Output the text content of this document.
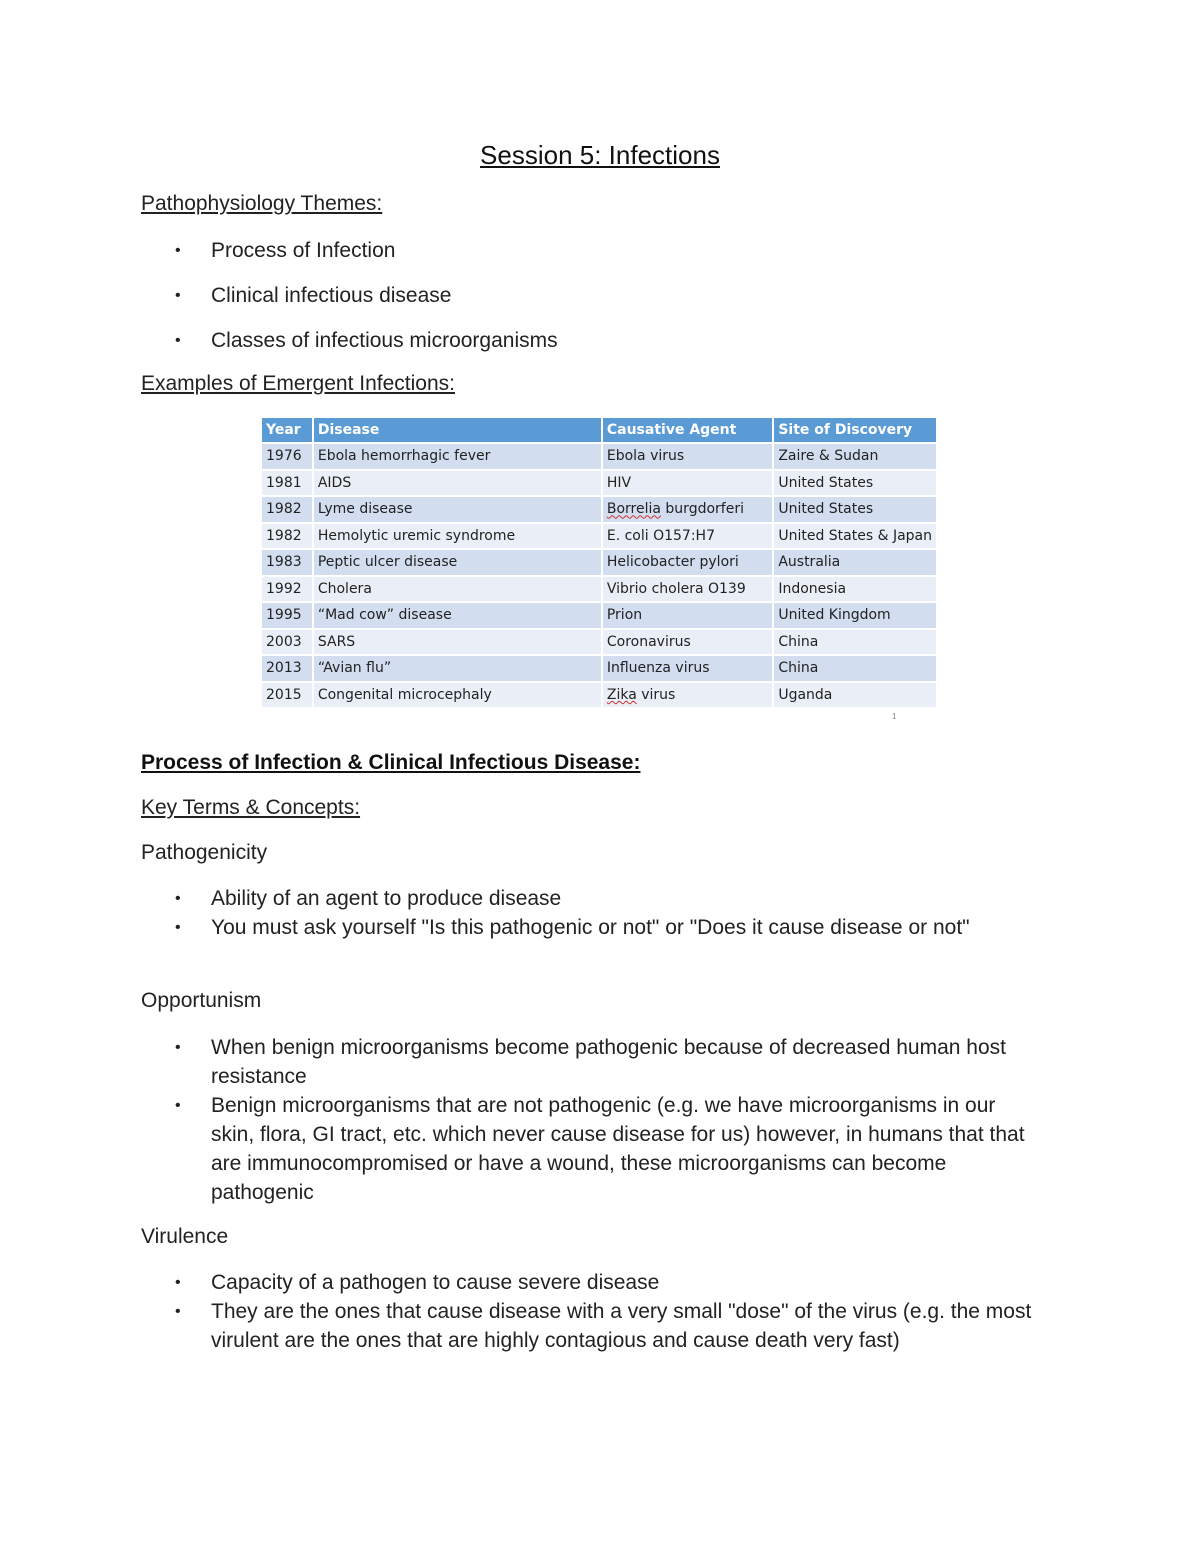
Session 5: Infections
Pathophysiology Themes:
• Process of Infection
• Clinical infectious disease
• Classes of infectious microorganisms
Examples of Emergent Infections:
Year	Disease	Causative Agent	Site of Discovery
1976	Ebola hemorrhagic fever	Ebola virus	Zaire & Sudan
1981	AIDS	HIV	United States
1982	Lyme disease	Borrelia burgdorferi	United States
1982	Hemolytic uremic syndrome	E. coli O157:H7	United States & Japan
1983	Peptic ulcer disease	Helicobacter pylori	Australia
1992	Cholera	Vibrio cholera O139	Indonesia
1995	“Mad cow” disease	Prion	United Kingdom
2003	SARS	Coronavirus	China
2013	“Avian flu”	Influenza virus	China
2015	Congenital microcephaly	Zika virus	Uganda
1
Process of Infection & Clinical Infectious Disease:
Key Terms & Concepts:
Pathogenicity
• Ability of an agent to produce disease
• You must ask yourself "Is this pathogenic or not" or "Does it cause disease or not"
Opportunism
• When benign microorganisms become pathogenic because of decreased human host resistance
• Benign microorganisms that are not pathogenic (e.g. we have microorganisms in our skin, flora, GI tract, etc. which never cause disease for us) however, in humans that that are immunocompromised or have a wound, these microorganisms can become pathogenic
Virulence
• Capacity of a pathogen to cause severe disease
• They are the ones that cause disease with a very small "dose" of the virus (e.g. the most virulent are the ones that are highly contagious and cause death very fast)
